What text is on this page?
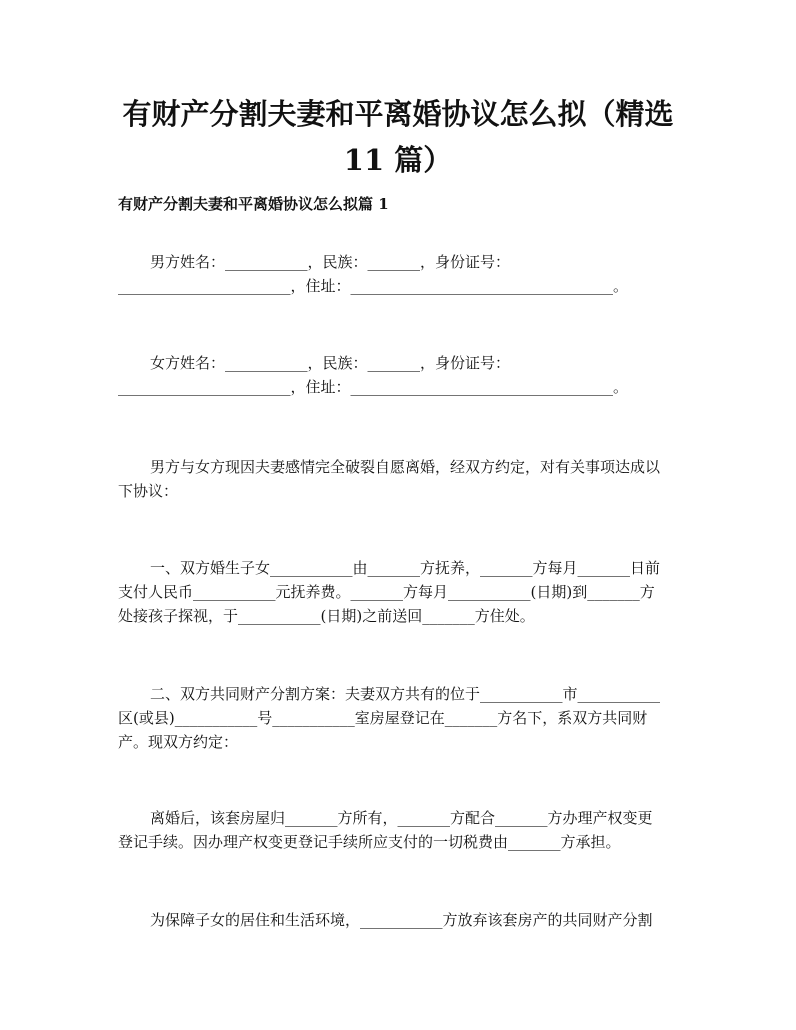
有财产分割夫妻和平离婚协议怎么拟（精选
11 篇）
有财产分割夫妻和平离婚协议怎么拟篇 1

男方姓名：___________，民族：_______，身份证号：

_______________________，住址：___________________________________。

女方姓名：___________，民族：_______，身份证号：

_______________________，住址：___________________________________。

男方与女方现因夫妻感情完全破裂自愿离婚，经双方约定，对有关事项达成以

下协议：

一、双方婚生子女___________由_______方抚养，_______方每月_______日前

支付人民币___________元抚养费。_______方每月___________(日期)到_______方

处接孩子探视，于___________(日期)之前送回_______方住处。

二、双方共同财产分割方案：夫妻双方共有的位于___________市___________

区(或县)___________号___________室房屋登记在_______方名下，系双方共同财

产。现双方约定：

离婚后，该套房屋归_______方所有，_______方配合_______方办理产权变更

登记手续。因办理产权变更登记手续所应支付的一切税费由_______方承担。

为保障子女的居住和生活环境，___________方放弃该套房产的共同财产分割
